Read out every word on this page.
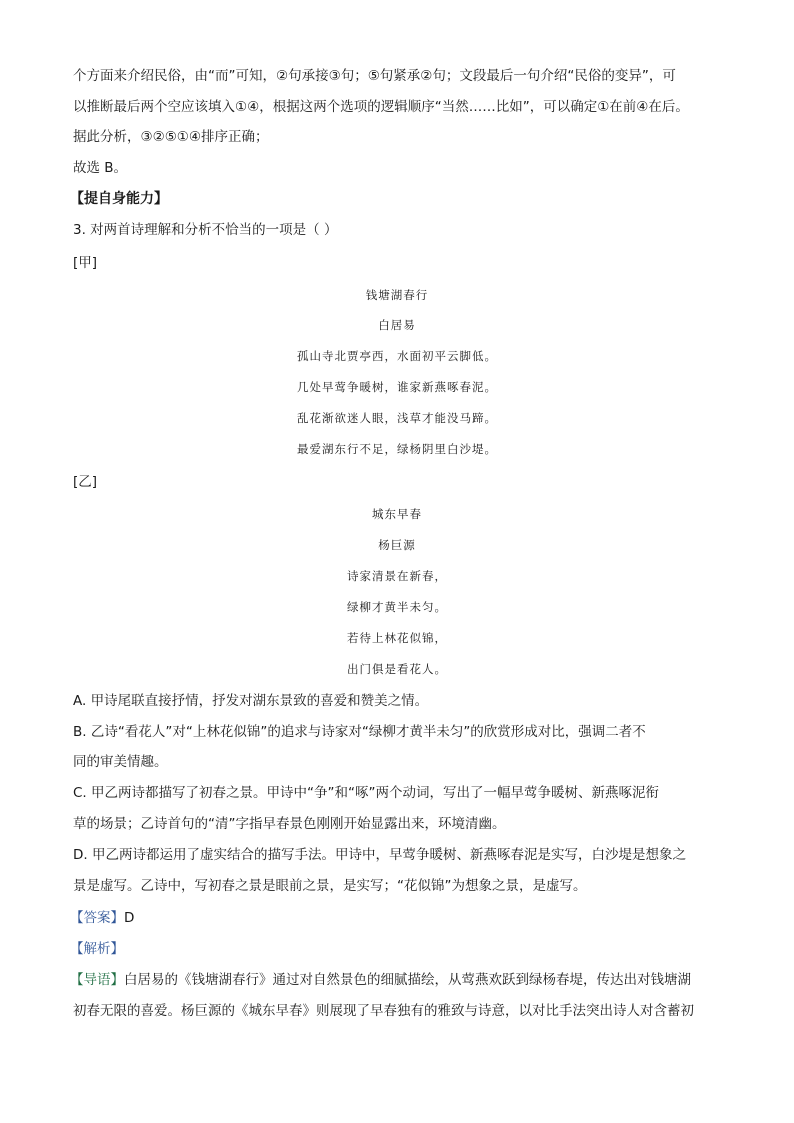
个方面来介绍民俗，由“而”可知，②句承接③句；⑤句紧承②句；文段最后一句介绍“民俗的变异”，可
以推断最后两个空应该填入①④，根据这两个选项的逻辑顺序“当然……比如”，可以确定①在前④在后。
据此分析，③②⑤①④排序正确；
故选 B。
【提自身能力】
3. 对两首诗理解和分析不恰当的一项是（ ）
[甲]
钱塘湖春行
白居易
孤山寺北贾亭西，水面初平云脚低。
几处早莺争暖树，谁家新燕啄春泥。
乱花渐欲迷人眼，浅草才能没马蹄。
最爱湖东行不足，绿杨阴里白沙堤。
[乙]
城东早春
杨巨源
诗家清景在新春，
绿柳才黄半未匀。
若待上林花似锦，
出门俱是看花人。
A. 甲诗尾联直接抒情，抒发对湖东景致的喜爱和赞美之情。
B. 乙诗“看花人”对“上林花似锦”的追求与诗家对“绿柳才黄半未匀”的欣赏形成对比，强调二者不
同的审美情趣。
C. 甲乙两诗都描写了初春之景。甲诗中“争”和“啄”两个动词，写出了一幅早莺争暖树、新燕啄泥衔
草的场景；乙诗首句的“清”字指早春景色刚刚开始显露出来，环境清幽。
D. 甲乙两诗都运用了虚实结合的描写手法。甲诗中，早莺争暖树、新燕啄春泥是实写，白沙堤是想象之
景是虚写。乙诗中，写初春之景是眼前之景，是实写；“花似锦”为想象之景，是虚写。
【答案】D
【解析】
【导语】白居易的《钱塘湖春行》通过对自然景色的细腻描绘，从莺燕欢跃到绿杨春堤，传达出对钱塘湖
初春无限的喜爱。杨巨源的《城东早春》则展现了早春独有的雅致与诗意，以对比手法突出诗人对含蓄初
